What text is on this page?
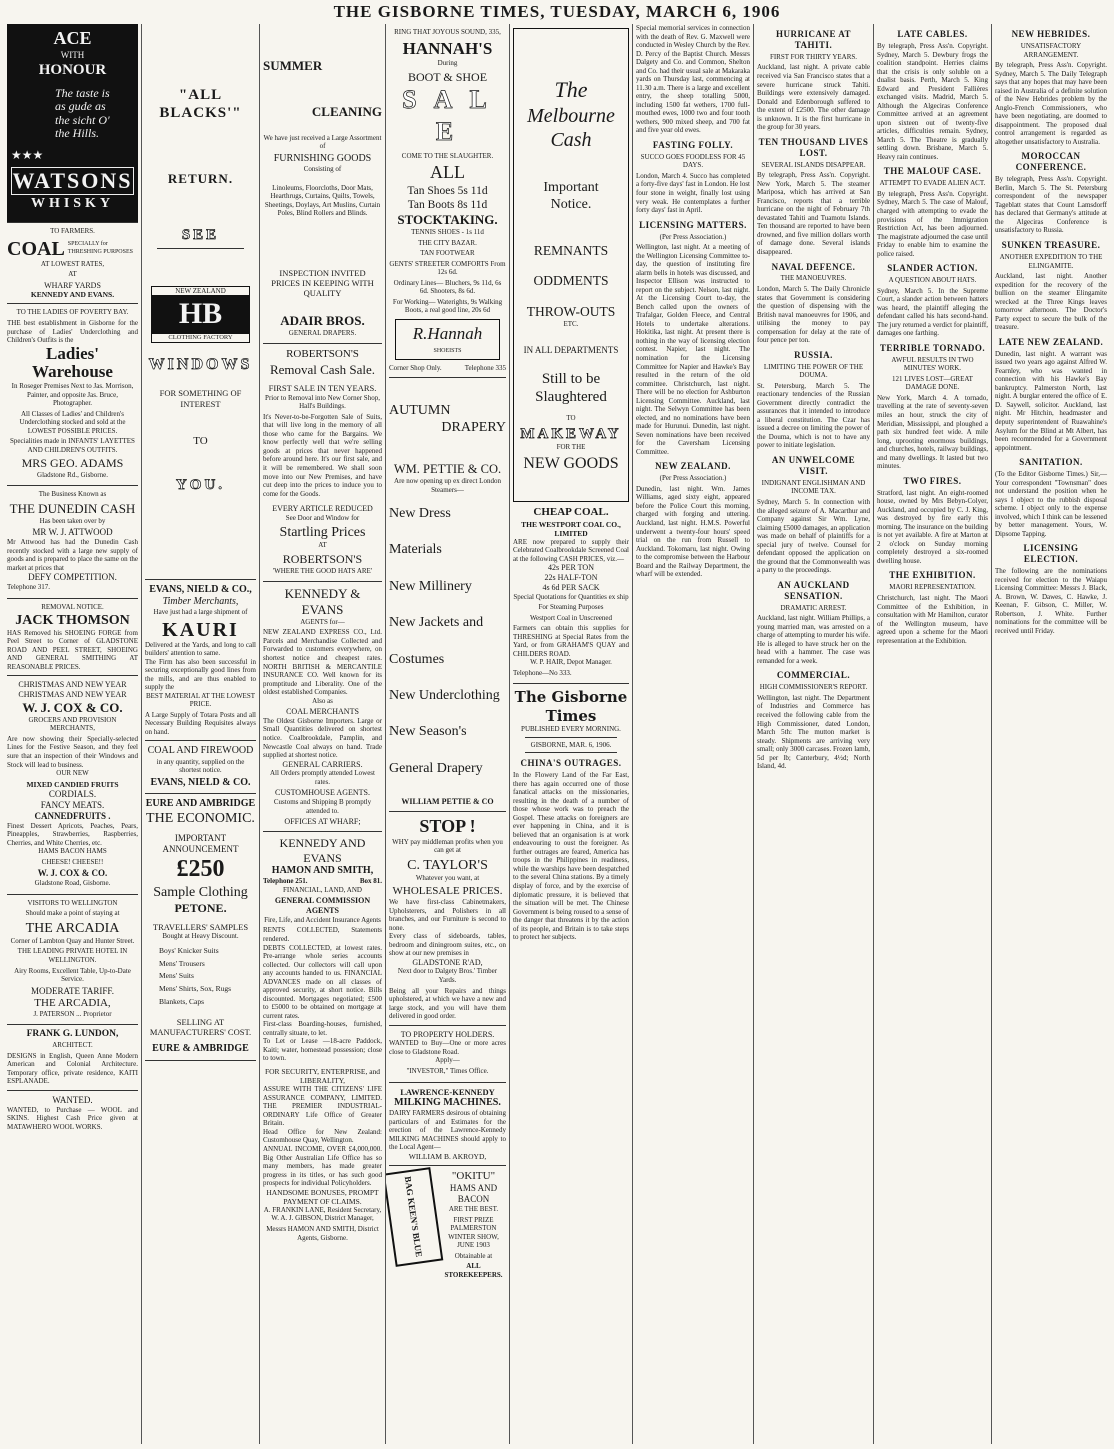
THE GISBORNE TIMES, TUESDAY, MARCH 6, 1906
ACE
WITH
HONOUR
The taste is as gude as the sicht O' the Hills.
★★★
WATSONS
WHISKY
TO FARMERS.
COAL SPECIALLY for THRESHING PURPOSES
AT LOWEST RATES,
AT
WHARF YARDS
KENNEDY AND EVANS.
TO THE LADIES OF POVERTY BAY.
THE best establishment in Gisborne for the purchase of Ladies' Underclothing and Children's Outfits is the
Ladies' Warehouse
In Roseger Premises Next to Jas. Morrison, Painter, and opposite Jas. Bruce, Photographer.
All Classes of Ladies' and Children's Underclothing stocked and sold at the LOWEST POSSIBLE PRICES.
Specialities made in INFANTS' LAYETTES AND CHILDREN'S OUTFITS.
MRS GEO. ADAMS
Gladstone Rd., Gisborne.
The Business Known as
THE DUNEDIN CASH
Has been taken over by
MR W. J. ATTWOOD
Mr Attwood has had the Dunedin Cash recently stocked with a large new supply of goods and is prepared to place the same on the market at prices that
DEFY COMPETITION.
Telephone 317.
REMOVAL NOTICE.
JACK THOMSON
HAS Removed his SHOEING FORGE from Peel Street to Corner of GLADSTONE ROAD AND PEEL STREET, SHOEING AND GENERAL SMITHING AT REASONABLE PRICES.
CHRISTMAS AND NEW YEAR
CHRISTMAS AND NEW YEAR
W. J. COX & CO.
GROCERS AND PROVISION MERCHANTS,
Are now showing their Specially-selected Lines for the Festive Season, and they feel sure that an inspection of their Windows and Stock will lead to business.
OUR NEW
MIXED CANDIED FRUITS
CORDIALS.
FANCY MEATS.
CANNEDFRUITS .
Finest Dessert Apricots, Peaches, Pears, Pineapples, Strawberries, Raspberries, Cherries, and White Cherries, etc.
HAMS BACON HAMS
CHEESE! CHEESE!!
W. J. COX & CO.
Gladstone Road, Gisborne.
VISITORS TO WELLINGTON
Should make a point of staying at
THE ARCADIA
Corner of Lambton Quay and Hunter Street.
THE LEADING PRIVATE HOTEL IN WELLINGTON.
Airy Rooms, Excellent Table, Up-to-Date Service.
MODERATE TARIFF.
THE ARCADIA,
J. PATERSON ... Proprietor
FRANK G. LUNDON,
ARCHITECT.
DESIGNS in English, Queen Anne Modern American and Colonial Architecture. Temporary office, private residence, KAITI ESPLANADE.
WANTED.
WANTED, to Purchase — WOOL and SKINS. Highest Cash Price given at MATAWHERO WOOL WORKS.
"ALL BLACKS'"
RETURN.
SEE
NEW ZEALAND
HB
CLOTHING FACTORY
WINDOWS
FOR SOMETHING OF INTEREST
TO
YOU.
EVANS, NIELD & CO.,
Timber Merchants,
Have just had a large shipment of
KAURI
Delivered at the Yards, and long to call builders' attention to same.
The Firm has also been successful in securing exceptionally good lines from the mills, and are thus enabled to supply the
BEST MATERIAL AT THE LOWEST PRICE.
A Large Supply of Totara Posts and all Necessary Building Requisites always on hand.
COAL AND FIREWOOD
in any quantity, supplied on the shortest notice.
EVANS, NIELD & CO.
EURE AND AMBRIDGE
THE ECONOMIC.
IMPORTANT
ANNOUNCEMENT
£250
Sample Clothing
PETONE.
TRAVELLERS' SAMPLES
Bought at Heavy Discount.
Boys' Knicker Suits
Mens' Trousers
Mens' Suits
Mens' Shirts, Sox, Rugs
Blankets, Caps
SELLING AT MANUFACTURERS' COST.
EURE & AMBRIDGE
SUMMER
CLEANING
We have just received a Large Assortment of
FURNISHING GOODS
Consisting of
Linoleums, Floorcloths, Door Mats, Hearthrugs, Curtains, Quilts, Towels, Sheetings, Doylays, Art Muslins, Curtain Poles, Blind Rollers and Blinds.
INSPECTION INVITED
PRICES IN KEEPING WITH QUALITY
ADAIR BROS.
GENERAL DRAPERS.
ROBERTSON'S
Removal Cash Sale.
FIRST SALE IN TEN YEARS.
Prior to Removal into New Corner Shop, Hall's Buildings.
It's Never-to-be-Forgotten Sale of Suits, that will live long in the memory of all those who came for the Bargains. We know perfectly well that we're selling goods at prices that never happened before around here. It's our first sale, and it will be remembered. We shall soon move into our New Premises, and have cut deep into the prices to induce you to come for the Goods.
EVERY ARTICLE REDUCED
See Door and Window for
Startling Prices
AT
ROBERTSON'S
'WHERE THE GOOD HATS ARE'
KENNEDY & EVANS
AGENTS for—
NEW ZEALAND EXPRESS CO., Ltd. Parcels and Merchandise Collected and Forwarded to customers everywhere, on shortest notice and cheapest rates. NORTH BRITISH & MERCANTILE INSURANCE CO. Well known for its promptitude and Liberality. One of the oldest established Companies.
Also as
COAL MERCHANTS
The Oldest Gisborne Importers. Large or Small Quantities delivered on shortest notice. Coalbrookdale, Pamplin, and Newcastle Coal always on hand. Trade supplied at shortest notice.
GENERAL CARRIERS.
All Orders promptly attended Lowest rates.
CUSTOMHOUSE AGENTS.
Customs and Shipping B promptly attended to.
OFFICES AT WHARF;
KENNEDY AND EVANS
HAMON AND SMITH,
Telephone 251.	Box 81.
FINANCIAL, LAND, AND
GENERAL COMMISSION AGENTS
Fire, Life, and Accident Insurance Agents
RENTS COLLECTED, Statements rendered.
DEBTS COLLECTED, at lowest rates. Pre-arrange whole series accounts collected. Our collectors will call upon any accounts handed to us. FINANCIAL ADVANCES made on all classes of approved security, at short notice. Bills discounted. Mortgages negotiated; £500 to £5000 to be obtained on mortgage at current rates.
First-class Boarding-houses, furnished, centrally situate, to let.
To Let or Lease —18-acre Paddock, Kaiti; water, homestead possession; close to town.
FOR SECURITY, ENTERPRISE, and LIBERALITY,
ASSURE WITH THE CITIZENS' LIFE ASSURANCE COMPANY, LIMITED. THE PREMIER INDUSTRIAL-ORDINARY Life Office of Greater Britain.
Head Office for New Zealand: Customhouse Quay, Wellington.
ANNUAL INCOME, OVER £4,000,000. Big Other Australian Life Office has so many members, has made greater progress in its titles, or has such good prospects for individual Policyholders.
HANDSOME BONUSES, PROMPT PAYMENT OF CLAIMS.
A. FRANKIN LANE, Resident Secretary, W. A. J. GIBSON, District Manager,
Messrs HAMON AND SMITH, District Agents, Gisborne.
RING THAT JOYOUS SOUND, 335,
HANNAH'S
During
BOOT & SHOE
S A L E
COME TO THE SLAUGHTER.
ALL
Tan Shoes 5s 11d
Tan Boots 8s 11d
STOCKTAKING.
TENNIS SHOES - 1s 11d
THE CITY BAZAR.
TAN FOOTWEAR
GENTS' STREETER COMFORTS From 12s 6d.
Ordinary Lines— Bluchers, 9s 11d, 6s 6d. Shooters, 8s 6d.
For Working— Waterights, 9s Walking Boots, a real good line, 20s 6d
R.Hannah SHOEISTS
Corner Shop Only.	Telephone 335
AUTUMN
DRAPERY
WM. PETTIE & CO.
Are now opening up ex direct London Steamers—
New Dress Materials
New Millinery
New Jackets and Costumes
New Underclothing
New Season's General Drapery
WILLIAM PETTIE & CO
STOP !
WHY pay middleman profits when you can get at
C. TAYLOR'S
Whatever you want, at
WHOLESALE PRICES.
We have first-class Cabinetmakers, Upholsterers, and Polishers in all branches, and our Furniture is second to none.
Every class of sideboards, tables, bedroom and diningroom suites, etc., on show at our new premises in
GLADSTONE R'AD,
Next door to Dalgety Bros.' Timber Yards.
Being all your Repairs and things upholstered, at which we have a new and large stock, and you will have them delivered in good order.
TO PROPERTY HOLDERS.
WANTED to Buy—One or more acres close to Gladstone Road.
Apply—
"INVESTOR," Times Office.
LAWRENCE-KENNEDY
MILKING MACHINES.
DAIRY FARMERS desirous of obtaining particulars of and Estimates for the erection of the Lawrence-Kennedy MILKING MACHINES should apply to the Local Agent—
WILLIAM B. AKROYD,
BAG KEEN'S BLUE	"OKITU"
HAMS AND BACON
ARE THE BEST.
FIRST PRIZE PALMERSTON WINTER SHOW, JUNE 1903
Obtainable at
ALL STOREKEEPERS.
The
Melbourne
Cash
Important
Notice.
REMNANTS
ODDMENTS
THROW-OUTS
ETC.
IN ALL DEPARTMENTS
Still to be
Slaughtered
TO
MAKEWAY
FOR THE
NEW GOODS
CHEAP COAL.
THE WESTPORT COAL CO., LIMITED
ARE now prepared to supply their Celebrated Coalbrookdale Screened Coal at the following CASH PRICES, viz.—
42s PER TON
22s HALF-TON
4s 6d PER SACK
Special Quotations for Quantities ex ship
For Steaming Purposes
Westport Coal in Unscreened
Farmers can obtain this supplies for THRESHING at Special Rates from the Yard, or from GRAHAM'S QUAY and CHILDERS ROAD.
W. P. HAIR, Depot Manager.
Telephone—No 333.
The Gisborne Times
PUBLISHED EVERY MORNING.
GISBORNE, MAR. 6, 1906.
CHINA'S OUTRAGES.
In the Flowery Land of the Far East, there has again occurred one of those fanatical attacks on the missionaries, resulting in the death of a number of those whose work was to preach the Gospel. These attacks on foreigners are ever happening in China, and it is believed that an organisation is at work endeavouring to oust the foreigner. As further outrages are feared, America has troops in the Philippines in readiness, while the warships have been despatched to the several China stations. By a timely display of force, and by the exercise of diplomatic pressure, it is believed that the situation will be met. The Chinese Government is being roused to a sense of the danger that threatens it by the action of its people, and Britain is to take steps to protect her subjects.
Special memorial services in connection with the death of Rev. G. Maxwell were conducted in Wesley Church by the Rev. D. Percy of the Baptist Church. Messrs Dalgety and Co. and Common, Shelton and Co. had their usual sale at Makaraka yards on Thursday last, commencing at 11.30 a.m. There is a large and excellent entry, the sheep totalling 5000, including 1500 fat wethers, 1700 full-mouthed ewes, 1000 two and four tooth wethers, 900 mixed sheep, and 700 fat and five year old ewes.
FASTING FOLLY.
SUCCO GOES FOODLESS FOR 45 DAYS.
London, March 4. Succo has completed a forty-five days' fast in London. He lost four stone in weight, finally lost using very weak. He contemplates a further forty days' fast in April.
LICENSING MATTERS.
(Per Press Association.)
Wellington, last night. At a meeting of the Wellington Licensing Committee to-day, the question of instituting fire alarm bells in hotels was discussed, and Inspector Ellison was instructed to report on the subject. Nelson, last night. At the Licensing Court to-day, the Bench called upon the owners of Trafalgar, Golden Fleece, and Central Hotels to undertake alterations. Hokitika, last night. At present there is nothing in the way of licensing election contest. Napier, last night. The nomination for the Licensing Committee for Napier and Hawke's Bay resulted in the return of the old committee. Christchurch, last night. There will be no election for Ashburton Licensing Committee. Auckland, last night. The Selwyn Committee has been elected, and no nominations have been made for Hurunui. Dunedin, last night. Seven nominations have been received for the Caversham Licensing Committee.
NEW ZEALAND.
(Per Press Association.)
Dunedin, last night. Wm. James Williams, aged sixty eight, appeared before the Police Court this morning, charged with forging and uttering. Auckland, last night. H.M.S. Powerful underwent a twenty-four hours' speed trial on the run from Russell to Auckland. Tokomaru, last night. Owing to the compromise between the Harbour Board and the Railway Department, the wharf will be extended.
HURRICANE AT TAHITI.
FIRST FOR THIRTY YEARS.
Auckland, last night. A private cable received via San Francisco states that a severe hurricane struck Tahiti. Buildings were extensively damaged. Donald and Edenborough suffered to the extent of £2500. The other damage is unknown. It is the first hurricane in the group for 30 years.
TEN THOUSAND LIVES LOST.
SEVERAL ISLANDS DISAPPEAR.
By telegraph, Press Ass'n. Copyright. New York, March 5. The steamer Mariposa, which has arrived at San Francisco, reports that a terrible hurricane on the night of February 7th devastated Tahiti and Tuamotu Islands. Ten thousand are reported to have been drowned, and five million dollars worth of damage done. Several islands disappeared.
NAVAL DEFENCE.
THE MANOEUVRES.
London, March 5. The Daily Chronicle states that Government is considering the question of dispensing with the British naval manoeuvres for 1906, and utilising the money to pay compensation for delay at the rate of four pence per ton.
RUSSIA.
LIMITING THE POWER OF THE DOUMA.
St. Petersburg, March 5. The reactionary tendencies of the Russian Government directly contradict the assurances that it intended to introduce a liberal constitution. The Czar has issued a decree on limiting the power of the Douma, which is not to have any power to initiate legislation.
AN UNWELCOME VISIT.
INDIGNANT ENGLISHMAN AND INCOME TAX.
Sydney, March 5. In connection with the alleged seizure of A. Macarthur and Company against Sir Wm. Lyne, claiming £5000 damages, an application was made on behalf of plaintiffs for a special jury of twelve. Counsel for defendant opposed the application on the ground that the Commonwealth was a party to the proceedings.
AN AUCKLAND SENSATION.
DRAMATIC ARREST.
Auckland, last night. William Phillips, a young married man, was arrested on a charge of attempting to murder his wife. He is alleged to have struck her on the head with a hammer. The case was remanded for a week.
COMMERCIAL.
HIGH COMMISSIONER'S REPORT.
Wellington, last night. The Department of Industries and Commerce has received the following cable from the High Commissioner, dated London, March 5th: The mutton market is steady. Shipments are arriving very small; only 3000 carcases. Frozen lamb, 5d per lb; Canterbury, 4½d; North Island, 4d.
LATE CABLES.
By telegraph, Press Ass'n. Copyright. Sydney, March 5. Dewbury frogs the coalition standpoint. Herries claims that the crisis is only soluble on a dualist basis. Perth, March 5. King Edward and President Fallières exchanged visits. Madrid, March 5. Although the Algeciras Conference Committee arrived at an agreement upon sixteen out of twenty-five articles, difficulties remain. Sydney, March 5. The Theatre is gradually settling down. Brisbane, March 5. Heavy rain continues.
THE MALOUF CASE.
ATTEMPT TO EVADE ALIEN ACT.
By telegraph, Press Ass'n. Copyright. Sydney, March 5. The case of Malouf, charged with attempting to evade the provisions of the Immigration Restriction Act, has been adjourned. The magistrate adjourned the case until Friday to enable him to examine the police raised.
SLANDER ACTION.
A QUESTION ABOUT HATS.
Sydney, March 5. In the Supreme Court, a slander action between hatters was heard, the plaintiff alleging the defendant called his hats second-hand. The jury returned a verdict for plaintiff, damages one farthing.
TERRIBLE TORNADO.
AWFUL RESULTS IN TWO MINUTES' WORK.
121 LIVES LOST—GREAT DAMAGE DONE.
New York, March 4. A tornado, travelling at the rate of seventy-seven miles an hour, struck the city of Meridian, Mississippi, and ploughed a path six hundred feet wide. A mile long, uprooting enormous buildings, and churches, hotels, railway buildings, and many dwellings. It lasted but two minutes.
TWO FIRES.
Stratford, last night. An eight-roomed house, owned by Mrs Bebyn-Colyer, Auckland, and occupied by C. J. King, was destroyed by fire early this morning. The insurance on the building is not yet available. A fire at Marton at 2 o'clock on Sunday morning completely destroyed a six-roomed dwelling house.
THE EXHIBITION.
MAORI REPRESENTATION.
Christchurch, last night. The Maori Committee of the Exhibition, in consultation with Mr Hamilton, curator of the Wellington museum, have agreed upon a scheme for the Maori representation at the Exhibition.
NEW HEBRIDES.
UNSATISFACTORY ARRANGEMENT.
By telegraph, Press Ass'n. Copyright. Sydney, March 5. The Daily Telegraph says that any hopes that may have been raised in Australia of a definite solution of the New Hebrides problem by the Anglo-French Commissioners, who have been negotiating, are doomed to disappointment. The proposed dual control arrangement is regarded as altogether unsatisfactory to Australia.
MOROCCAN CONFERENCE.
By telegraph, Press Ass'n. Copyright. Berlin, March 5. The St. Petersburg correspondent of the newspaper Tageblatt states that Count Lamsdorff has declared that Germany's attitude at the Algeciras Conference is unsatisfactory to Russia.
SUNKEN TREASURE.
ANOTHER EXPEDITION TO THE ELINGAMITE.
Auckland, last night. Another expedition for the recovery of the bullion on the steamer Elingamite wrecked at the Three Kings leaves tomorrow afternoon. The Doctor's Party expect to secure the bulk of the treasure.
LATE NEW ZEALAND.
Dunedin, last night. A warrant was issued two years ago against Alfred W. Fearnley, who was wanted in connection with his Hawke's Bay bankruptcy. Palmerston North, last night. A burglar entered the office of E. D. Saywell, solicitor. Auckland, last night. Mr Hitchin, headmaster and deputy superintendent of Ruawahine's Asylum for the Blind at Mt Albert, has been recommended for a Government appointment.
SANITATION.
(To the Editor Gisborne Times.) Sir,—Your correspondent "Townsman" does not understand the position when he says I object to the rubbish disposal scheme. I object only to the expense involved, which I think can be lessened by better management. Yours, W. Dipsome Tapping.
LICENSING ELECTION.
The following are the nominations received for election to the Waiapu Licensing Committee: Messrs J. Black, A. Brown, W. Dawes, C. Hawke, J. Keenan, F. Gibson, C. Miller, W. Robertson, J. White. Further nominations for the committee will be received until Friday.
